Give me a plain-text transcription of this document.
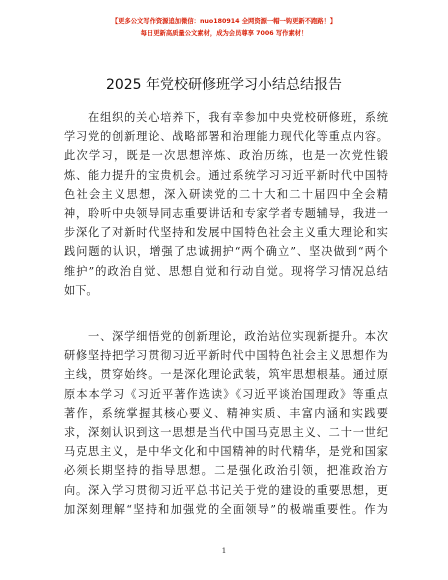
【更多公文写作资源追加微信：nuo180914 全网资源一帽一钩更新不跑路！】
每日更新高质量公文素材，成为会员尊享 7006 写作素材！
2025 年党校研修班学习小结总结报告
　　在组织的关心培养下，我有幸参加中央党校研修班，系统
学习党的创新理论、战略部署和治理能力现代化等重点内容。
此次学习，既是一次思想淬炼、政治历练，也是一次党性锻
炼、能力提升的宝贵机会。通过系统学习习近平新时代中国特
色社会主义思想，深入研读党的二十大和二十届四中全会精
神，聆听中央领导同志重要讲话和专家学者专题辅导，我进一
步深化了对新时代坚持和发展中国特色社会主义重大理论和实
践问题的认识，增强了忠诚拥护“两个确立”、坚决做到“两个
维护”的政治自觉、思想自觉和行动自觉。现将学习情况总结
如下。
　　一、深学细悟党的创新理论，政治站位实现新提升。本次
研修坚持把学习贯彻习近平新时代中国特色社会主义思想作为
主线，贯穿始终。一是深化理论武装，筑牢思想根基。通过原
原本本学习《习近平著作选读》《习近平谈治国理政》等重点
著作，系统掌握其核心要义、精神实质、丰富内涵和实践要
求，深刻认识到这一思想是当代中国马克思主义、二十一世纪
马克思主义，是中华文化和中国精神的时代精华，是党和国家
必须长期坚持的指导思想。二是强化政治引领，把准政治方
向。深入学习贯彻习近平总书记关于党的建设的重要思想，更
加深刻理解“坚持和加强党的全面领导”的极端重要性。作为
1
